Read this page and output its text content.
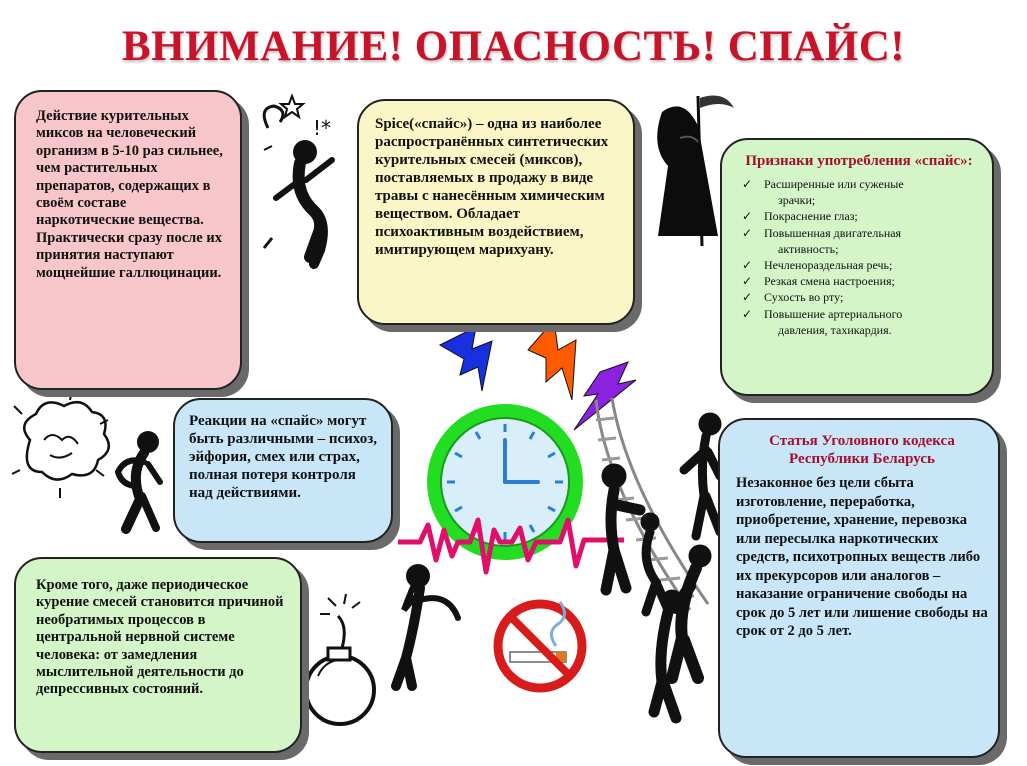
ВНИМАНИЕ! ОПАСНОСТЬ! СПАЙС!
!*
Действие курительных миксов на человеческий организм в 5-10 раз сильнее, чем растительных препаратов, содержащих в своём составе наркотические вещества. Практически сразу после их принятия наступают мощнейшие галлюцинации.
Spice(«спайс») – одна из наиболее распространённых синтетических курительных смесей (миксов), поставляемых в продажу в виде травы с нанесённым химическим веществом. Обладает психоактивным воздействием, имитирующем марихуану.
Признаки употребления «спайс»:
✓ Расширенные или суженые
зрачки;
✓ Покраснение глаз;
✓ Повышенная двигательная
активность;
✓ Нечленораздельная речь;
✓ Резкая смена настроения;
✓ Сухость во рту;
✓ Повышение артериального
давления, тахикардия.
Реакции на «спайс» могут быть различными – психоз, эйфория, смех или страх, полная потеря контроля над действиями.
Кроме того, даже периодическое курение смесей становится причиной необратимых процессов в центральной нервной системе человека: от замедления мыслительной деятельности до депрессивных состояний.
Статья Уголовного кодекса Республики Беларусь
Незаконное без цели сбыта изготовление, переработка, приобретение, хранение, перевозка или пересылка наркотических средств, психотропных веществ либо их прекурсоров или аналогов – наказание ограничение свободы на срок до 5 лет или лишение свободы на срок от 2 до 5 лет.
